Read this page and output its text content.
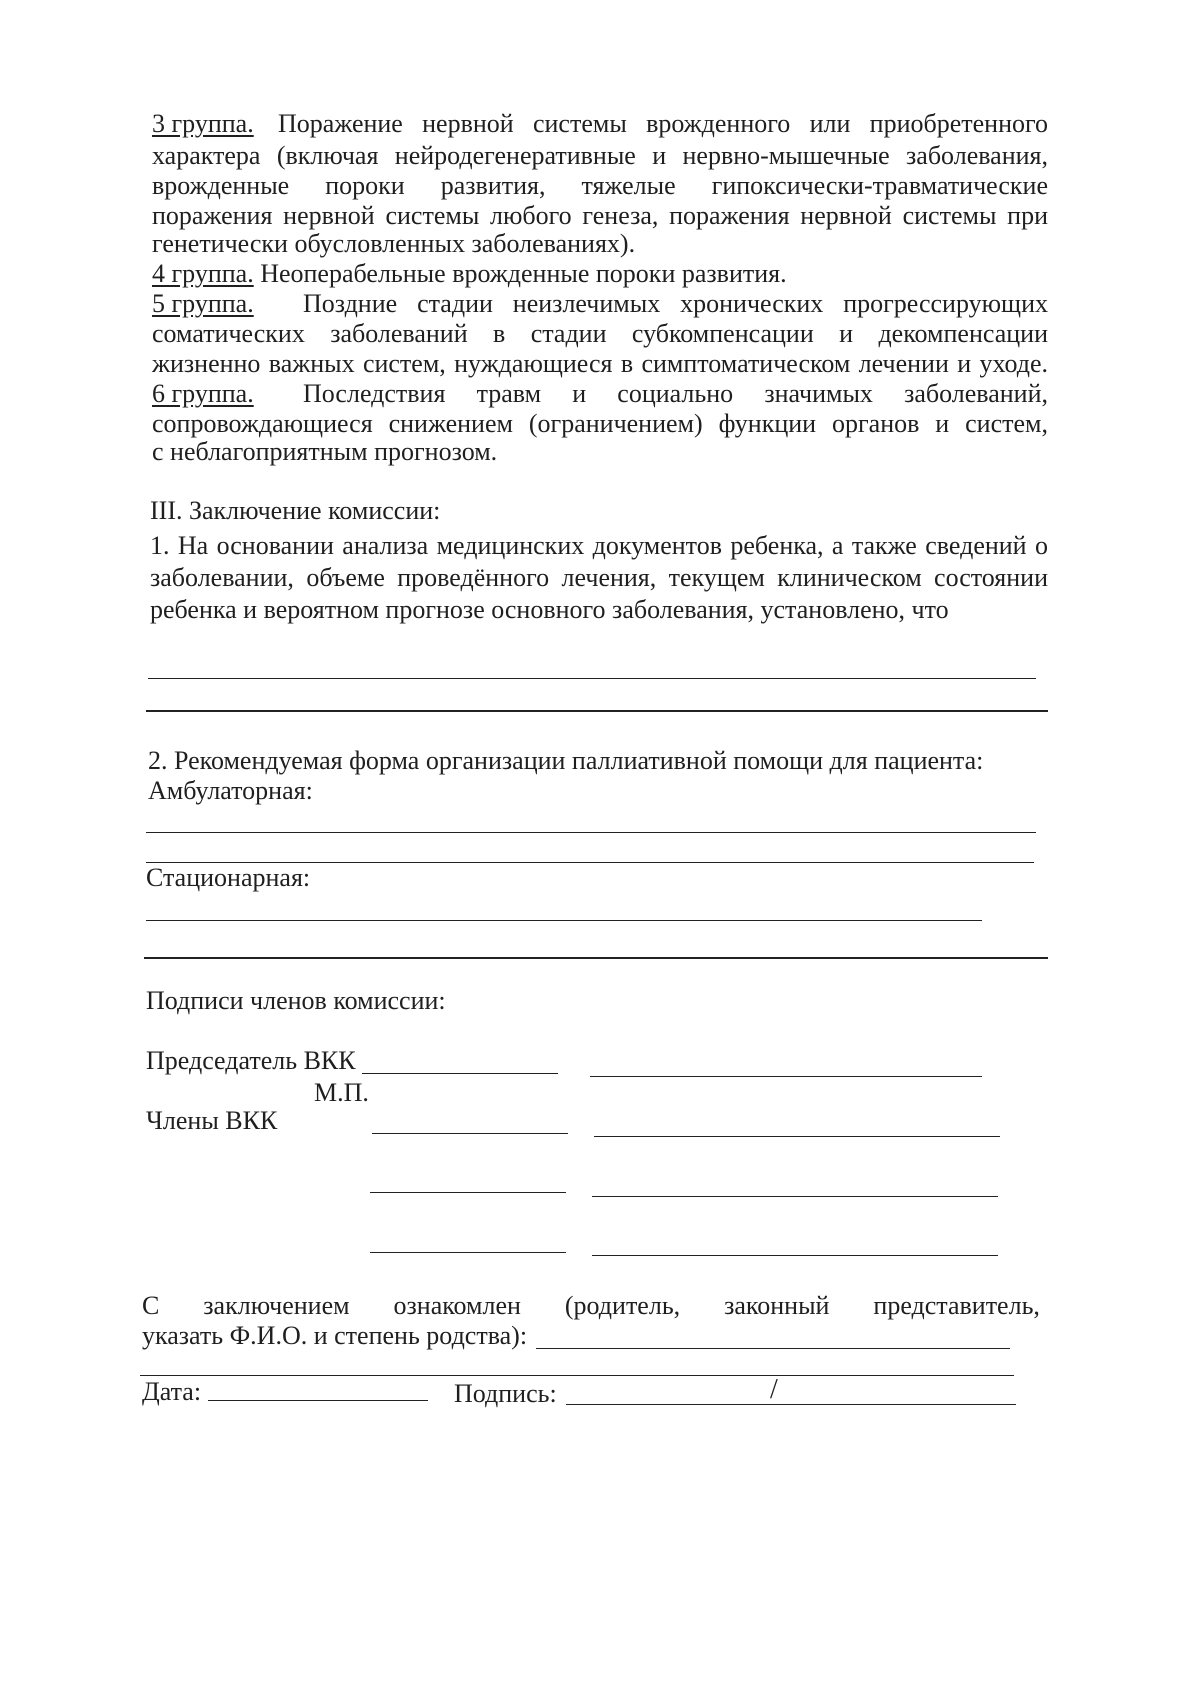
3 группа. Поражение нервной системы врожденного или приобретенного
характера (включая нейродегенеративные и нервно-мышечные заболевания,
врожденные пороки развития, тяжелые гипоксически-травматические
поражения нервной системы любого генеза, поражения нервной системы при
генетически обусловленных заболеваниях).
4 группа. Неоперабельные врожденные пороки развития.
5 группа. Поздние стадии неизлечимых хронических прогрессирующих
соматических заболеваний в стадии субкомпенсации и декомпенсации
жизненно важных систем, нуждающиеся в симптоматическом лечении и уходе.
6 группа. Последствия травм и социально значимых заболеваний,
сопровождающиеся снижением (ограничением) функции органов и систем,
с неблагоприятным прогнозом.
III. Заключение комиссии:
1. На основании анализа медицинских документов ребенка, а также сведений о
заболевании, объеме проведённого лечения, текущем клиническом состоянии
ребенка и вероятном прогнозе основного заболевания, установлено, что
2. Рекомендуемая форма организации паллиативной помощи для пациента:
Амбулаторная:
Стационарная:
Подписи членов комиссии:
Председатель ВКК
М.П.
Члены ВКК
С заключением ознакомлен (родитель, законный представитель,
указать Ф.И.О. и степень родства):
Дата:	Подпись:	/
